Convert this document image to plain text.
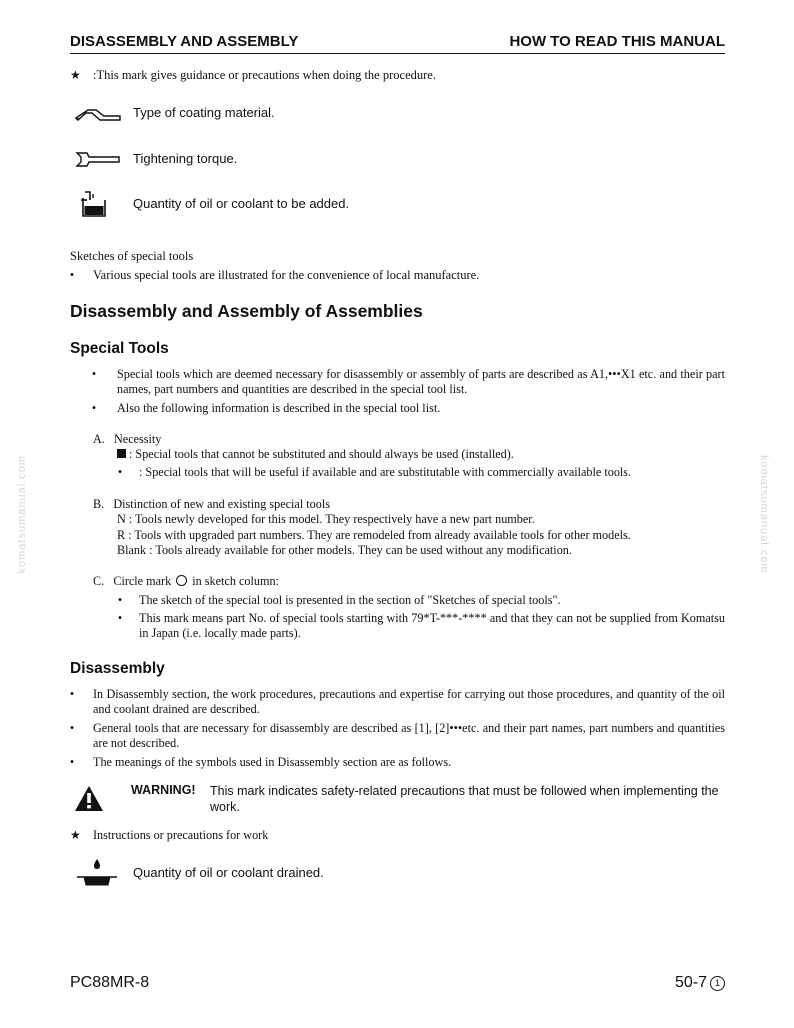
DISASSEMBLY AND ASSEMBLY	HOW TO READ THIS MANUAL
★ :This mark gives guidance or precautions when doing the procedure.
Type of coating material.
Tightening torque.
Quantity of oil or coolant to be added.
Sketches of special tools
• Various special tools are illustrated for the convenience of local manufacture.
Disassembly and Assembly of Assemblies
Special Tools
• Special tools which are deemed necessary for disassembly or assembly of parts are described as A1,•••X1 etc. and their part names, part numbers and quantities are described in the special tool list.
• Also the following information is described in the special tool list.
A.   Necessity
: Special tools that cannot be substituted and should always be used (installed).
• : Special tools that will be useful if available and are substitutable with commercially available tools.
B.   Distinction of new and existing special tools
N : Tools newly developed for this model. They respectively have a new part number.
R : Tools with upgraded part numbers. They are remodeled from already available tools for other models.
Blank : Tools already available for other models. They can be used without any modification.
C.   Circle mark ○ in sketch column:
• The sketch of the special tool is presented in the section of "Sketches of special tools".
• This mark means part No. of special tools starting with 79*T-***-**** and that they can not be supplied from Komatsu in Japan (i.e. locally made parts).
Disassembly
• In Disassembly section, the work procedures, precautions and expertise for carrying out those procedures, and quantity of the oil and coolant drained are described.
• General tools that are necessary for disassembly are described as [1], [2]•••etc. and their part names, part numbers and quantities are not described.
• The meanings of the symbols used in Disassembly section are as follows.
WARNING! This mark indicates safety-related precautions that must be followed when implementing the work.
★ Instructions or precautions for work
Quantity of oil or coolant drained.
komatsumanual.com	komatsumanual.com
PC88MR-8	50-7 1
